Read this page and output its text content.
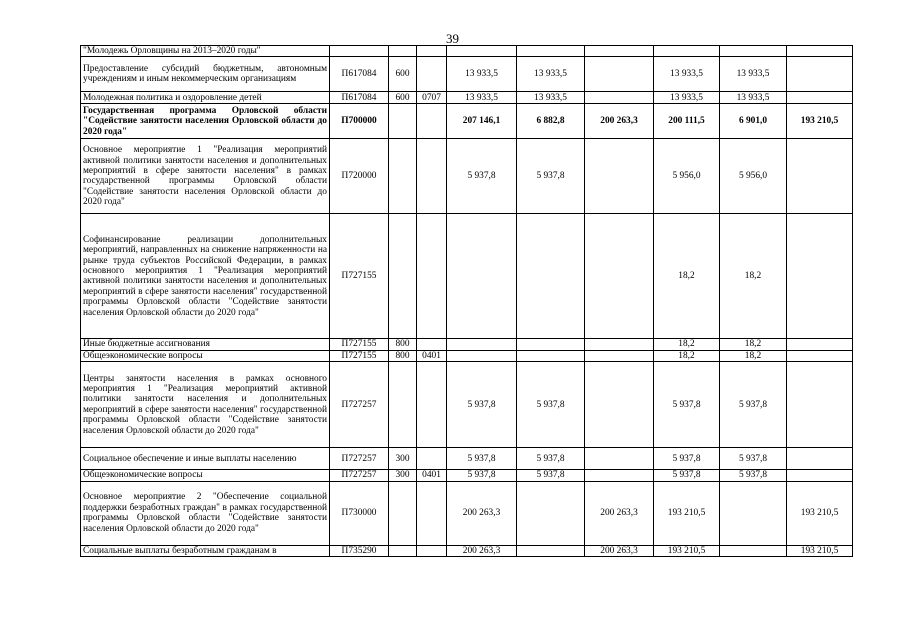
39
"Молодежь Орловщины на 2013–2020 годы"									
Предоставление субсидий бюджетным, автономным учреждениям и иным некоммерческим организациям	П617084	600		13 933,5	13 933,5		13 933,5	13 933,5	
Молодежная политика и оздоровление детей	П617084	600	0707	13 933,5	13 933,5		13 933,5	13 933,5	
Государственная программа Орловской области "Содействие занятости населения Орловской области до 2020 года"	П700000			207 146,1	6 882,8	200 263,3	200 111,5	6 901,0	193 210,5
Основное мероприятие 1 "Реализация мероприятий активной политики занятости населения и дополнительных мероприятий в сфере занятости населения" в рамках государственной программы Орловской области "Содействие занятости населения Орловской области до 2020 года"	П720000			5 937,8	5 937,8		5 956,0	5 956,0	
Софинансирование реализации дополнительных мероприятий, направленных на снижение напряженности на рынке труда субъектов Российской Федерации, в рамках основного мероприятия 1 "Реализация мероприятий активной политики занятости населения и дополнительных мероприятий в сфере занятости населения" государственной программы Орловской области "Содействие занятости населения Орловской области до 2020 года"	П727155						18,2	18,2	
Иные бюджетные ассигнования	П727155	800					18,2	18,2	
Общеэкономические вопросы	П727155	800	0401				18,2	18,2	
Центры занятости населения в рамках основного мероприятия 1 "Реализация мероприятий активной политики занятости населения и дополнительных мероприятий в сфере занятости населения" государственной программы Орловской области "Содействие занятости населения Орловской области до 2020 года"	П727257			5 937,8	5 937,8		5 937,8	5 937,8	
Социальное обеспечение и иные выплаты населению	П727257	300		5 937,8	5 937,8		5 937,8	5 937,8	
Общеэкономические вопросы	П727257	300	0401	5 937,8	5 937,8		5 937,8	5 937,8	
Основное мероприятие 2 "Обеспечение социальной поддержки безработных граждан" в рамках государственной программы Орловской области "Содействие занятости населения Орловской области до 2020 года"	П730000			200 263,3		200 263,3	193 210,5		193 210,5
Социальные выплаты безработным гражданам в	П735290			200 263,3		200 263,3	193 210,5		193 210,5
